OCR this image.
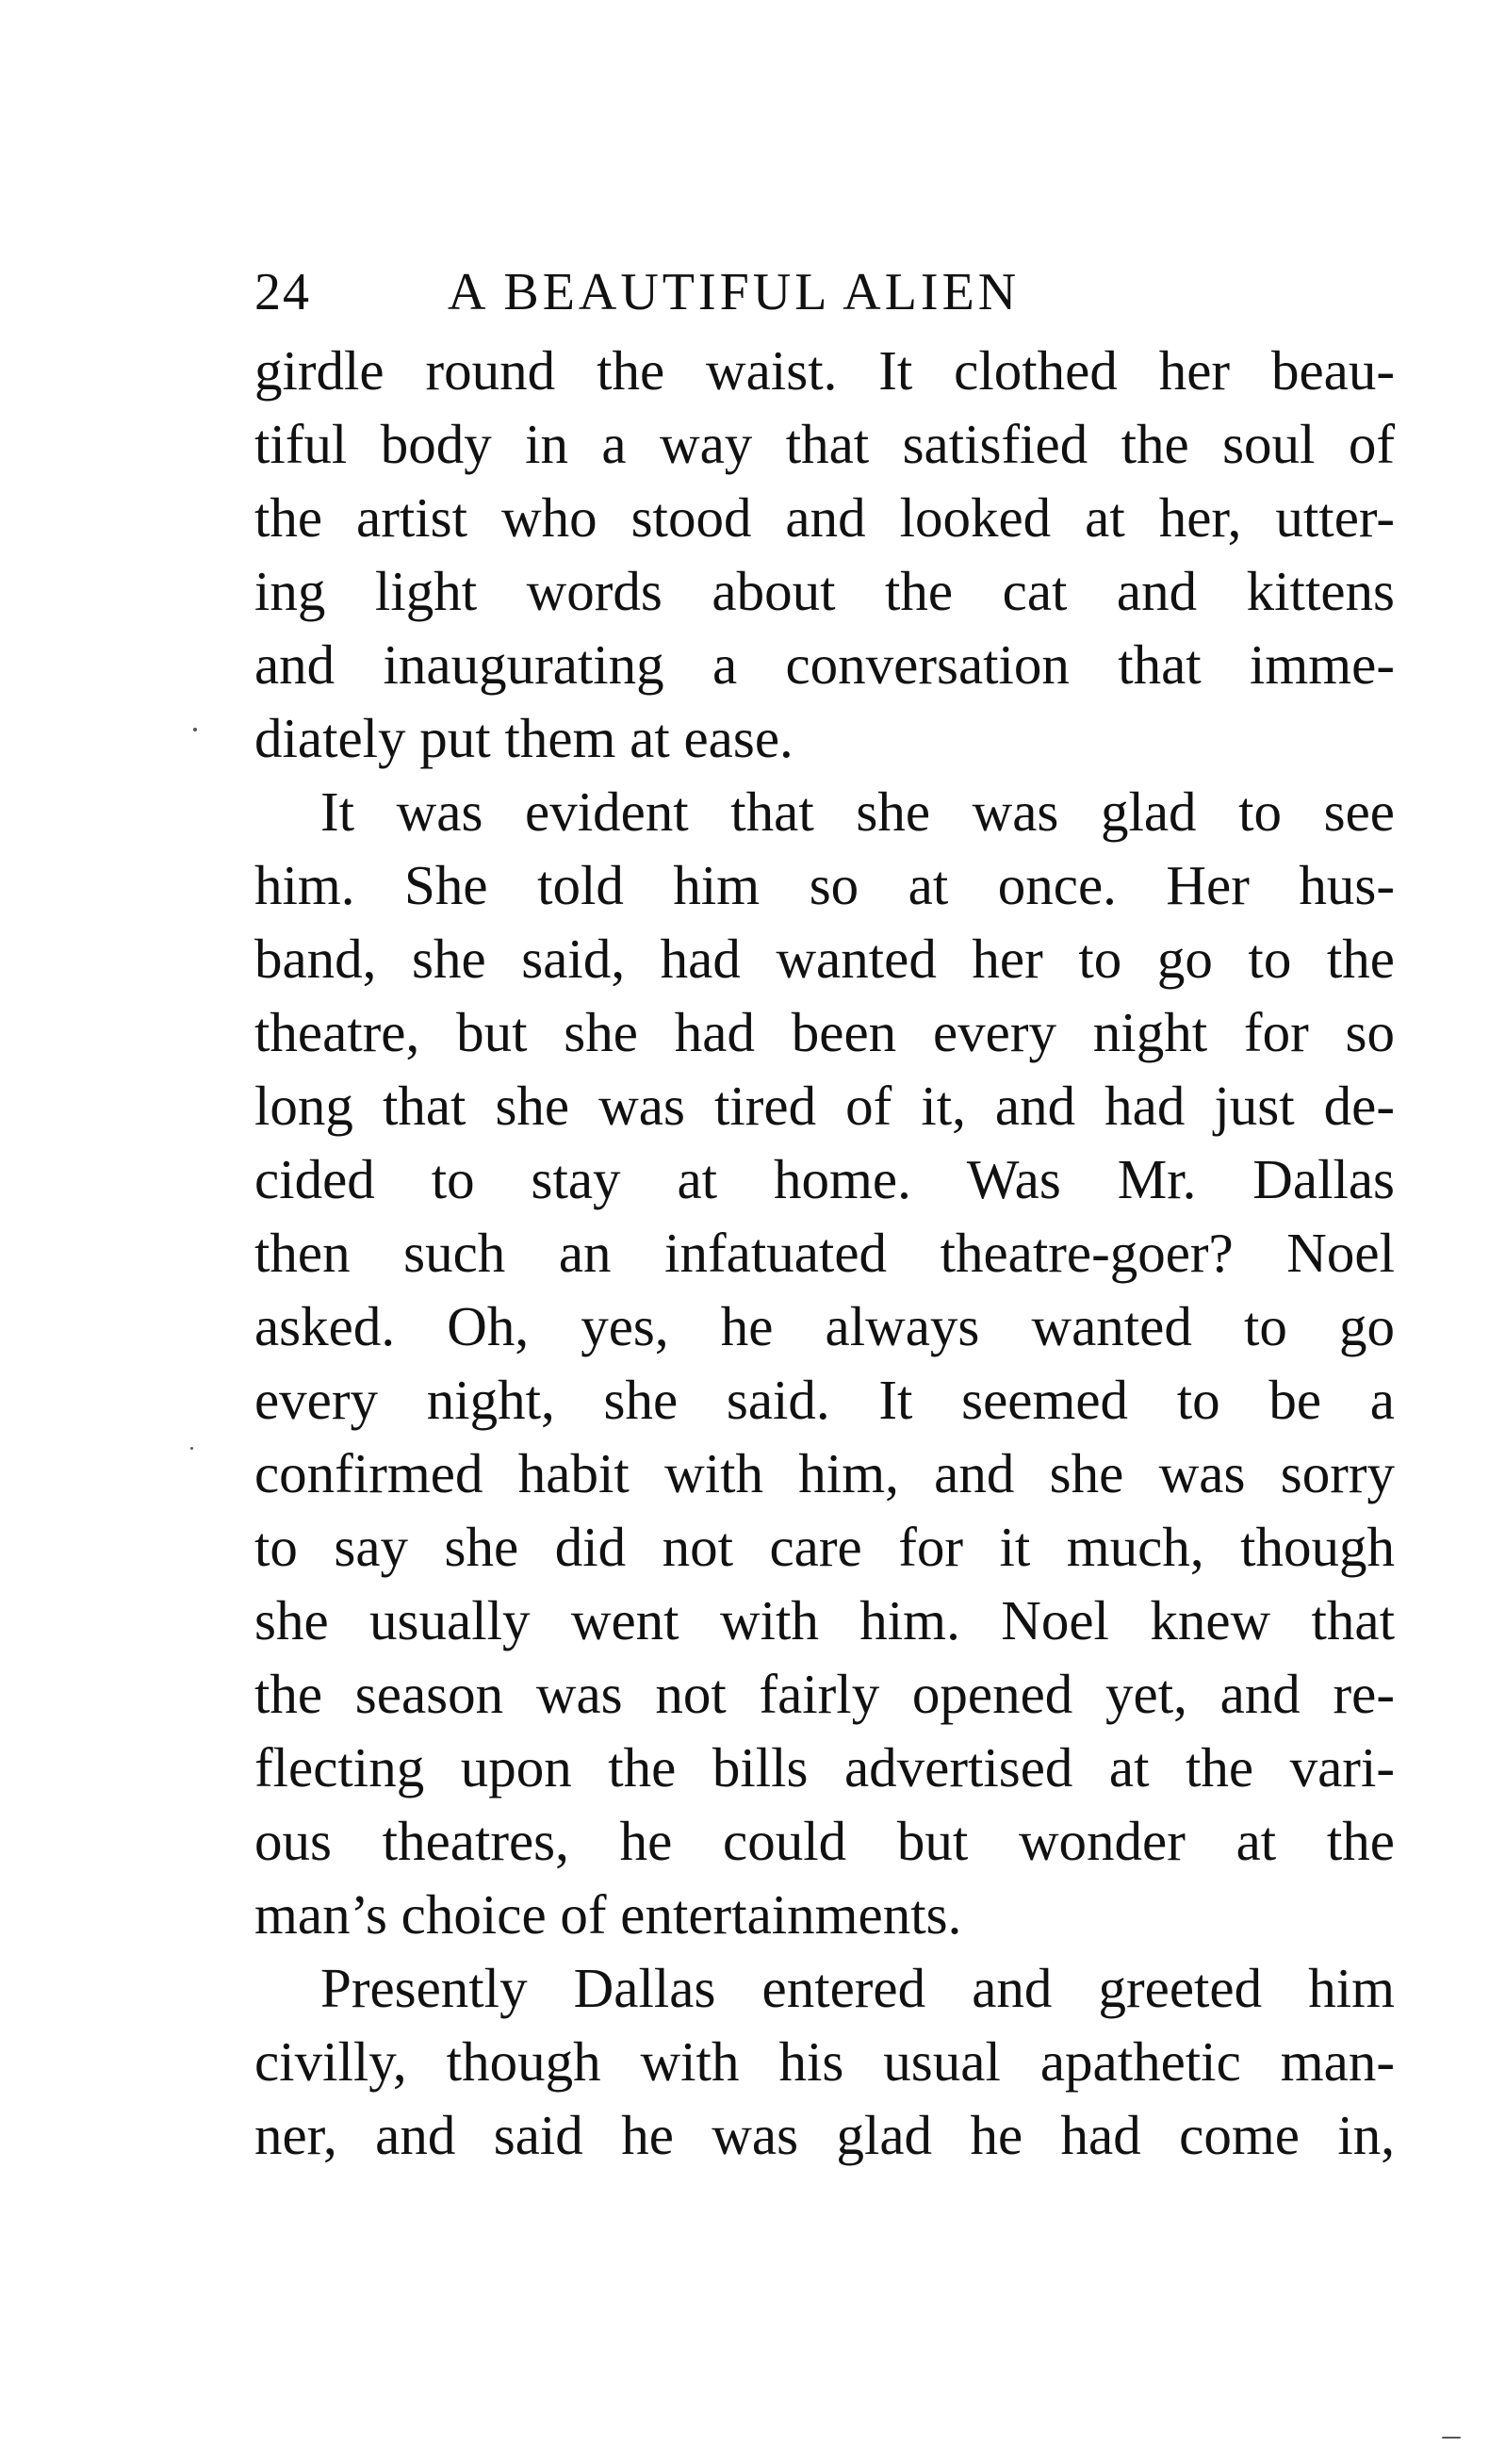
24	A BEAUTIFUL ALIEN
girdle round the waist. It clothed her beau-
tiful body in a way that satisfied the soul of
the artist who stood and looked at her, utter-
ing light words about the cat and kittens
and inaugurating a conversation that imme-
diately put them at ease.
It was evident that she was glad to see
him. She told him so at once. Her hus-
band, she said, had wanted her to go to the
theatre, but she had been every night for so
long that she was tired of it, and had just de-
cided to stay at home. Was Mr. Dallas
then such an infatuated theatre-goer? Noel
asked. Oh, yes, he always wanted to go
every night, she said. It seemed to be a
confirmed habit with him, and she was sorry
to say she did not care for it much, though
she usually went with him. Noel knew that
the season was not fairly opened yet, and re-
flecting upon the bills advertised at the vari-
ous theatres, he could but wonder at the
man’s choice of entertainments.
Presently Dallas entered and greeted him
civilly, though with his usual apathetic man-
ner, and said he was glad he had come in,
